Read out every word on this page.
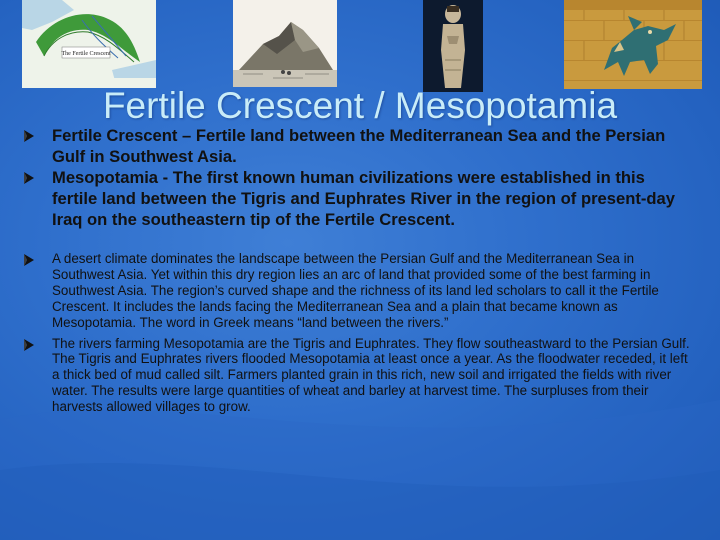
The Fertile Crescent
Fertile Crescent / Mesopotamia
Fertile Crescent – Fertile land between the Mediterranean Sea and the Persian Gulf in Southwest Asia.
Mesopotamia - The first known human civilizations were established in this fertile land between the Tigris and Euphrates River in the region of present-day Iraq on the southeastern tip of the Fertile Crescent.
A desert climate dominates the landscape between the Persian Gulf and the Mediterranean Sea in Southwest Asia. Yet within this dry region lies an arc of land that provided some of the best farming in Southwest Asia. The region’s curved shape and the richness of its land led scholars to call it the Fertile Crescent. It includes the lands facing the Mediterranean Sea and a plain that became known as Mesopotamia. The word in Greek means “land between the rivers.”
The rivers farming Mesopotamia are the Tigris and Euphrates. They flow southeastward to the Persian Gulf. The Tigris and Euphrates rivers flooded Mesopotamia at least once a year. As the floodwater receded, it left a thick bed of mud called silt. Farmers planted grain in this rich, new soil and irrigated the fields with river water. The results were large quantities of wheat and barley at harvest time. The surpluses from their harvests allowed villages to grow.
